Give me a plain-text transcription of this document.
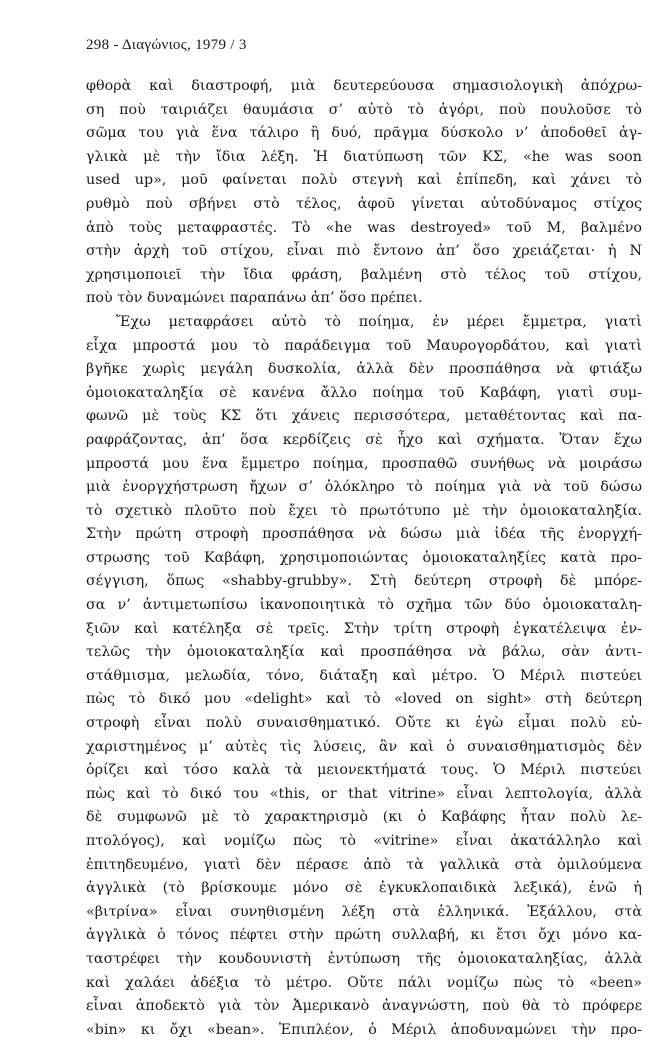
298 - Διαγώνιος, 1979 / 3
φθορὰ καὶ διαστροφή, μιὰ δευτερεύουσα σημασιολογικὴ ἀπόχρω-
ση ποὺ ταιριάζει θαυμάσια σ’ αὐτὸ τὸ ἀγόρι, ποὺ πουλοῦσε τὸ
σῶμα του γιὰ ἕνα τάλιρο ἢ δυό, πρᾶγμα δύσκολο ν’ ἀποδοθεῖ ἀγ-
γλικὰ μὲ τὴν ἴδια λέξη. Ἡ διατύπωση τῶν ΚΣ, «he was soon
used up», μοῦ φαίνεται πολὺ στεγνὴ καὶ ἐπίπεδη, καὶ χάνει τὸ
ρυθμὸ ποὺ σβήνει στὸ τέλος, ἀφοῦ γίνεται αὐτοδύναμος στίχος
ἀπὸ τοὺς μεταφραστές. Τὸ «he was destroyed» τοῦ Μ, βαλμένο
στὴν ἀρχὴ τοῦ στίχου, εἶναι πιὸ ἔντονο ἀπ’ ὅσο χρειάζεται· ἡ Ν
χρησιμοποιεῖ τὴν ἴδια φράση, βαλμένη στὸ τέλος τοῦ στίχου,
ποὺ τὸν δυναμώνει παραπάνω ἀπ’ ὅσο πρέπει.
Ἔχω μεταφράσει αὐτὸ τὸ ποίημα, ἐν μέρει ἔμμετρα, γιατὶ
εἶχα μπροστά μου τὸ παράδειγμα τοῦ Μαυρογορδάτου, καὶ γιατὶ
βγῆκε χωρὶς μεγάλη δυσκολία, ἀλλὰ δὲν προσπάθησα νὰ φτιάξω
ὁμοιοκαταληξία σὲ κανένα ἄλλο ποίημα τοῦ Καβάφη, γιατὶ συμ-
φωνῶ μὲ τοὺς ΚΣ ὅτι χάνεις περισσότερα, μεταθέτοντας καὶ πα-
ραφράζοντας, ἀπ’ ὅσα κερδίζεις σὲ ἦχο καὶ σχήματα. Ὅταν ἔχω
μπροστά μου ἕνα ἔμμετρο ποίημα, προσπαθῶ συνήθως νὰ μοιράσω
μιὰ ἐνοργχήστρωση ἤχων σ’ ὁλόκληρο τὸ ποίημα γιὰ νὰ τοῦ δώσω
τὸ σχετικὸ πλοῦτο ποὺ ἔχει τὸ πρωτότυπο μὲ τὴν ὁμοιοκαταληξία.
Στὴν πρώτη στροφὴ προσπάθησα νὰ δώσω μιὰ ἰδέα τῆς ἐνοργχή-
στρωσης τοῦ Καβάφη, χρησιμοποιώντας ὁμοιοκαταληξίες κατὰ προ-
σέγγιση, ὅπως «shabby-grubby». Στὴ δεύτερη στροφὴ δὲ μπόρε-
σα ν’ ἀντιμετωπίσω ἱκανοποιητικὰ τὸ σχῆμα τῶν δύο ὁμοιοκαταλη-
ξιῶν καὶ κατέληξα σὲ τρεῖς. Στὴν τρίτη στροφὴ ἐγκατέλειψα ἐν-
τελῶς τὴν ὁμοιοκαταληξία καὶ προσπάθησα νὰ βάλω, σὰν ἀντι-
στάθμισμα, μελωδία, τόνο, διάταξη καὶ μέτρο. Ὁ Μέριλ πιστεύει
πὼς τὸ δικό μου «delight» καὶ τὸ «loved on sight» στὴ δεύτερη
στροφὴ εἶναι πολὺ συναισθηματικό. Οὔτε κι ἐγὼ εἶμαι πολὺ εὐ-
χαριστημένος μ’ αὐτὲς τὶς λύσεις, ἂν καὶ ὁ συναισθηματισμὸς δὲν
ὁρίζει καὶ τόσο καλὰ τὰ μειονεκτήματά τους. Ὁ Μέριλ πιστεύει
πὼς καὶ τὸ δικό του «this, or that vitrine» εἶναι λεπτολογία, ἀλλὰ
δὲ συμφωνῶ μὲ τὸ χαρακτηρισμὸ (κι ὁ Καβάφης ἦταν πολὺ λε-
πτολόγος), καὶ νομίζω πὼς τὸ «vitrine» εἶναι ἀκατάλληλο καὶ
ἐπιτηδευμένο, γιατὶ δὲν πέρασε ἀπὸ τὰ γαλλικὰ στὰ ὁμιλούμενα
ἀγγλικὰ (τὸ βρίσκουμε μόνο σὲ ἐγκυκλοπαιδικὰ λεξικά), ἐνῶ ἡ
«βιτρίνα» εἶναι συνηθισμένη λέξη στὰ ἑλληνικά. Ἐξάλλου, στὰ
ἀγγλικὰ ὁ τόνος πέφτει στὴν πρώτη συλλαβή, κι ἔτσι ὄχι μόνο κα-
ταστρέφει τὴν κουδουνιστὴ ἐντύπωση τῆς ὁμοιοκαταληξίας, ἀλλὰ
καὶ χαλάει ἀδέξια τὸ μέτρο. Οὔτε πάλι νομίζω πὼς τὸ «been»
εἶναι ἀποδεκτὸ γιὰ τὸν Ἀμερικανὸ ἀναγνώστη, ποὺ θὰ τὸ πρόφερε
«bin» κι ὄχι «bean». Ἐπιπλέον, ὁ Μέριλ ἀποδυναμώνει τὴν προ-
